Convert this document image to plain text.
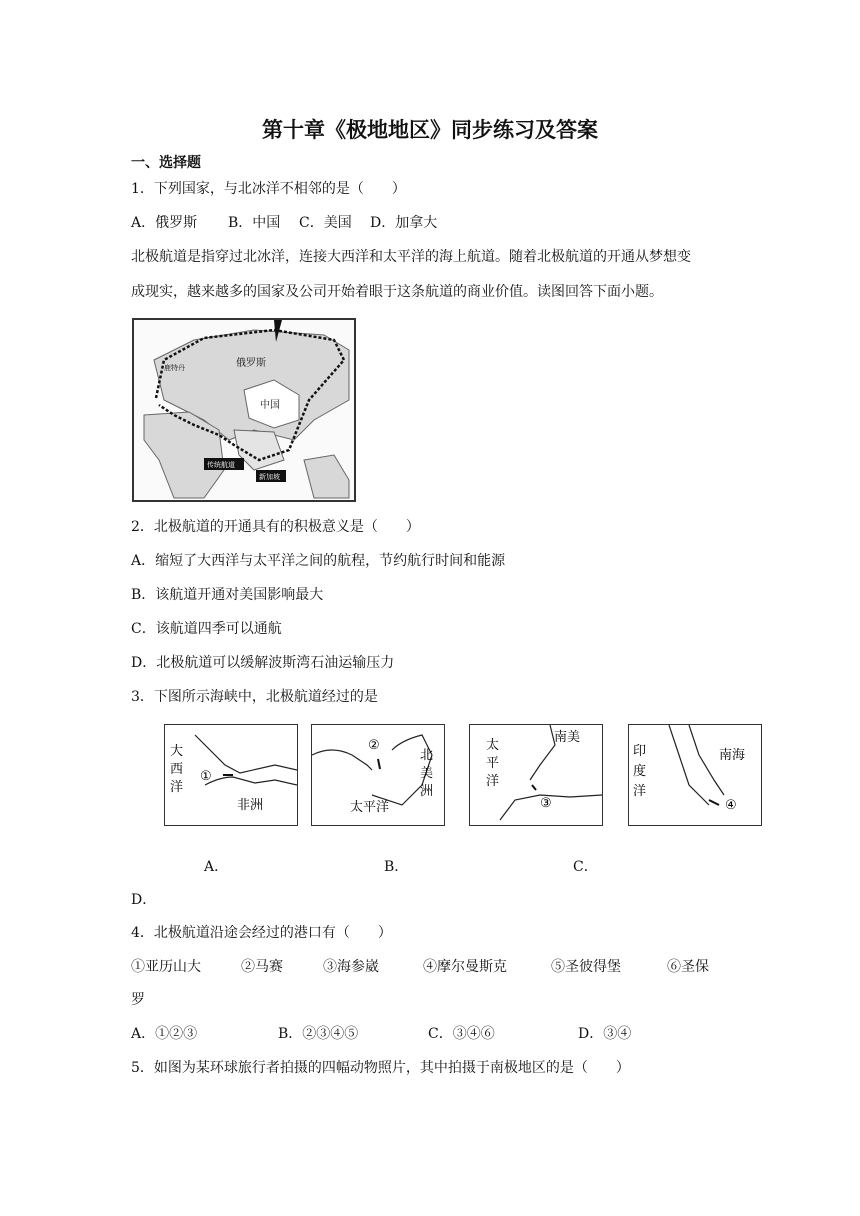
第十章《极地地区》同步练习及答案
一、选择题
1．下列国家，与北冰洋不相邻的是（　　）
A．俄罗斯 B．中国 C．美国 D．加拿大
北极航道是指穿过北冰洋，连接大西洋和太平洋的海上航道。随着北极航道的开通从梦想变
成现实，越来越多的国家及公司开始着眼于这条航道的商业价值。读图回答下面小题。
俄罗斯
中国
鹿特丹
传统航道
新加坡
2．北极航道的开通具有的积极意义是（　　）
A．缩短了大西洋与太平洋之间的航程，节约航行时间和能源
B．该航道开通对美国影响最大
C．该航道四季可以通航
D．北极航道可以缓解波斯湾石油运输压力
3．下图所示海峡中，北极航道经过的是
大
西
洋
①
非洲
②
北
美
洲
太平洋
太
平
洋
南美
③
印
度
洋
南海
④
A．	B．	C．
D．
4．北极航道沿途会经过的港口有（　　）
①亚历山大	②马赛	③海参崴	④摩尔曼斯克	⑤圣彼得堡	⑥圣保
罗
A．①②③	B．②③④⑤	C．③④⑥	D．③④
5．如图为某环球旅行者拍摄的四幅动物照片，其中拍摄于南极地区的是（　　）
